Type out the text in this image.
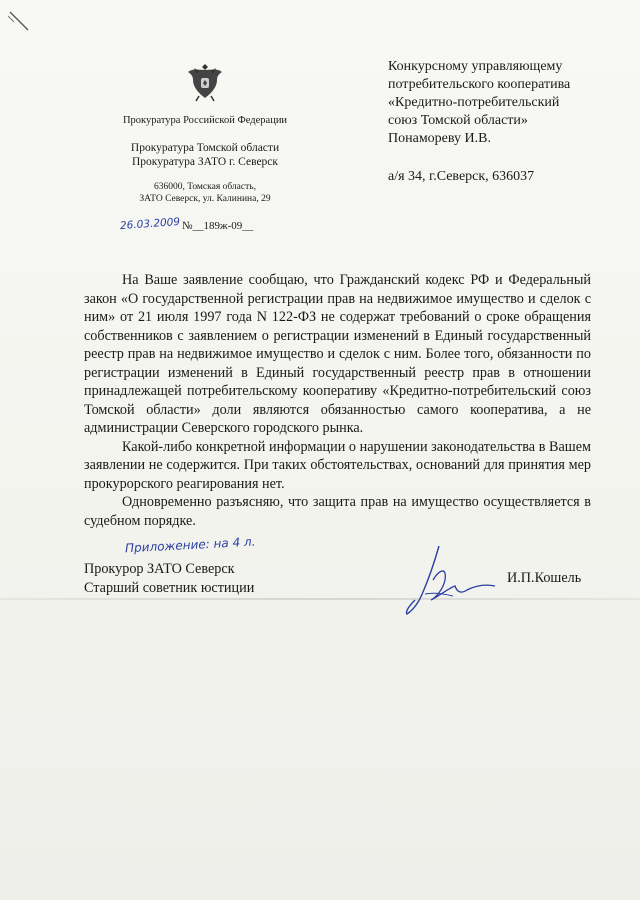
Прокуратура Российской Федерации
Прокуратура Томской области
Прокуратура ЗАТО г. Северск
636000, Томская область,
ЗАТО Северск, ул. Калинина, 29
26.03.2009 №__189ж-09__
Конкурсному управляющему
потребительского кооператива
«Кредитно-потребительский
союз Томской области»
Понаморeву И.В.
а/я 34, г.Северск, 636037

На Ваше заявление сообщаю, что Гражданский кодекс РФ и Федеральный закон «О государственной регистрации прав на недвижимое имущество и сделок с ним» от 21 июля 1997 года N 122-ФЗ не содержат требований о сроке обращения собственников с заявлением о регистрации изменений в Единый государственный реестр прав на недвижимое имущество и сделок с ним. Более того, обязанности по регистрации изменений в Единый государственный реестр прав в отношении принадлежащей потребительскому кооперативу «Кредитно-потребительский союз Томской области» доли являются обязанностью самого кооператива, а не администрации Северского городского рынка.

Какой-либо конкретной информации о нарушении законодательства в Вашем заявлении не содержится. При таких обстоятельствах, оснований для принятия мер прокурорского реагирования нет.

Одновременно разъясняю, что защита прав на имущество осуществляется в судебном порядке.

Приложение: на 4 л.
Прокурор ЗАТО Северск
Старший советник юстиции
И.П.Кошель
